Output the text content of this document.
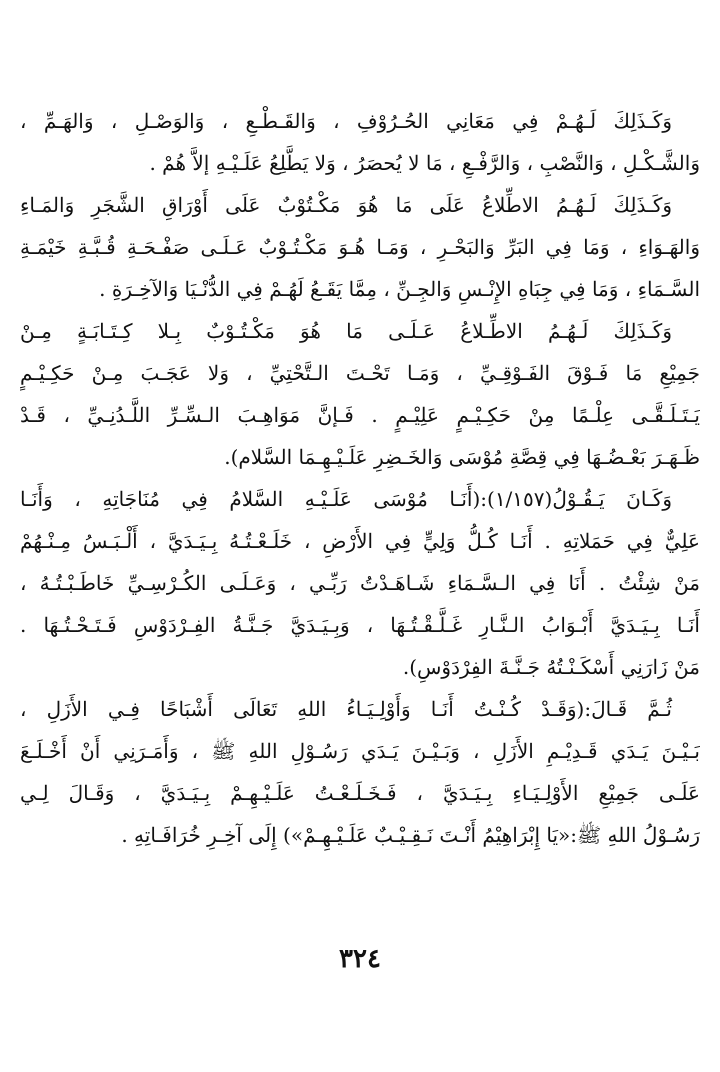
وَكَـذَلِكَ لَـهُـمْ فِي مَعَانِي الحُـرُوْفِ ، وَالقَـطْـعِ ، وَالوَصْـلِ ، وَالهَـمِّ ،
وَالشَّـكْـلِ ، وَالنَّصْبِ ، وَالرَّفْـعِ ، مَا لا يُحصَرُ ، وَلا يَطَّلِعُ عَلَـيْـهِ إلاَّ هُمْ .
وَكَـذَلِكَ لَـهُـمُ الاطِّلاعُ عَلَى مَا هُوَ مَكْـتُوْبٌ عَلَى أَوْرَاقِ الشَّجَرِ وَالمَـاءِ
وَالهَـوَاءِ ، وَمَا فِي البَرِّ وَالبَحْـرِ ، وَمَـا هُـوَ مَكْـتُـوْبٌ عَـلَـى صَفْـحَـةِ قُـبَّـةِ خَيْمَـةِ
السَّـمَاءِ ، وَمَا فِي جِبَاهِ الإِنْـسِ وَالجِـنِّ ، مِمَّا يَقَـعُ لَهُـمْ فِي الدُّنْـيَا وَالآخِـرَةِ .
وَكَـذَلِكَ لَـهُـمُ الاطِّـلاعُ عَـلَـى مَا هُوَ مَكْـتُـوْبٌ بِـلا كِـتَـابَـةٍ مِـنْ
جَمِيْعِ مَا فَـوْقَ الفَـوْقِـيِّ ، وَمَـا تَحْـتَ الـتَّحْتِيِّ ، وَلا عَجَـبَ مِـنْ حَكِـيْـمٍ
يَـتَـلَـقَّـى عِلْـمًا مِنْ حَكِـيْـمٍ عَلِيْـمٍ . فَـإنَّ مَوَاهِـبَ الـسِّـرِّ اللَّـدُنِـيِّ ، قَـدْ
ظَـهَـرَ بَعْـضُـهَا فِي قِصَّةِ مُوْسَى وَالخَـضِرِ عَلَـيْـهِـمَا السَّلام).
وَكَـانَ يَـقُـوْلُ(١/١٥٧):(أَنَـا مُوْسَى عَلَـيْـهِ السَّلامُ فِي مُنَاجَاتِهِ ، وَأَنَـا
عَلِيٌّ فِي حَمَلاتِهِ . أَنَـا كُـلُّ وَلِيٍّ فِي الأَرْضِ ، خَلَـعْـتُـهُ بِـيَـدَيَّ ، أَلْـبَـسُ مِـنْـهُمْ
مَنْ شِئْتُ . أَنَا فِي الـسَّـمَاءِ شَـاهَـدْتُ رَبِّـي ، وَعَـلَـى الكُـرْسِـيِّ خَاطَـبْـتُـهُ ،
أَنَـا بِـيَـدَيَّ أَبْـوَابُ الـنَّـارِ غَـلَّـقْـتُـهَا ، وَبِـيَـدَيَّ جَـنَّـةُ الفِـرْدَوْسِ فَـتَـحْـتُـهَا .
مَنْ زَارَنِي أَسْكَـنْـتُهُ جَـنَّـةَ الفِرْدَوْسِ).
ثُـمَّ قَـالَ:(وَقَـدْ كُـنْـتُ أَنَـا وَأَوْلِـيَـاءُ اللهِ تَعَالَى أَشْبَاحًا فِـي الأَزَلِ ،
بَـيْـنَ يَـدَي قَـدِيْـمِ الأَزَلِ ، وَبَـيْـنَ يَـدَي رَسُـوْلِ اللهِ ﷺ ، وَأَمَـرَنِي أَنْ أَخْـلَـعَ
عَلَـى جَمِيْعِ الأَوْلِـيَـاءِ بِـيَـدَيَّ ، فَـخَـلَـعْـتُ عَلَـيْـهِـمْ بِـيَـدَيَّ ، وَقَـالَ لِـي
رَسُـوْلُ اللهِ ﷺ:«يَا إِبْرَاهِيْمُ أَنْـتَ نَـقِـيْـبٌ عَلَـيْـهِـمْ») إِلَى آخِـرِ خُرَافَـاتِهِ .
٣٢٤
